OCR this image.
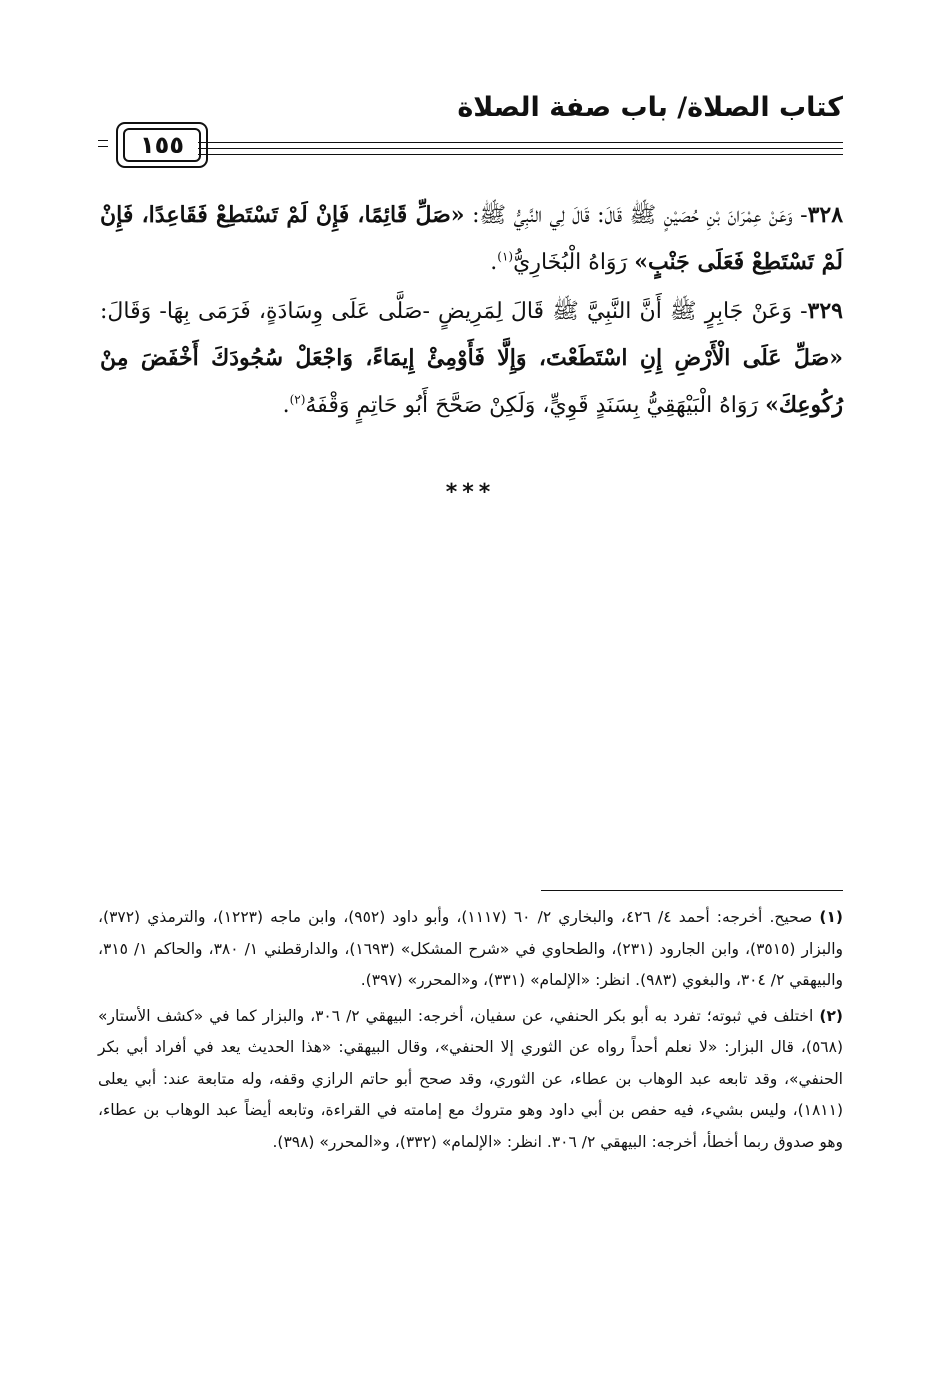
كتاب الصلاة/ باب صفة الصلاة
١٥٥

٣٢٨- وَعَنْ عِمْرَانَ بْنِ حُصَيْنٍ ﷺ قَالَ: قَالَ لِي النَّبِيُّ ﷺ: «صَلِّ قَائِمًا، فَإِنْ لَمْ تَسْتَطِعْ فَقَاعِدًا، فَإِنْ لَمْ تَسْتَطِعْ فَعَلَى جَنْبٍ» رَوَاهُ الْبُخَارِيُّ$^{(١)}$.

٣٢٩- وَعَنْ جَابِرٍ ﷺ أَنَّ النَّبِيَّ ﷺ قَالَ لِمَرِيضٍ -صَلَّى عَلَى وِسَادَةٍ، فَرَمَى بِهَا- وَقَالَ: «صَلِّ عَلَى الْأَرْضِ إِنِ اسْتَطَعْتَ، وَإِلَّا فَأَوْمِئْ إِيمَاءً، وَاجْعَلْ سُجُودَكَ أَخْفَضَ مِنْ رُكُوعِكَ» رَوَاهُ الْبَيْهَقِيُّ بِسَنَدٍ قَوِيٍّ، وَلَكِنْ صَحَّحَ أَبُو حَاتِمٍ وَقْفَهُ$^{(٢)}$.

***

(١) صحيح. أخرجه: أحمد ٤/ ٤٢٦، والبخاري ٢/ ٦٠ (١١١٧)، وأبو داود (٩٥٢)، وابن ماجه (١٢٢٣)، والترمذي (٣٧٢)، والبزار (٣٥١٥)، وابن الجارود (٢٣١)، والطحاوي في «شرح المشكل» (١٦٩٣)، والدارقطني ١/ ٣٨٠، والحاكم ١/ ٣١٥، والبيهقي ٢/ ٣٠٤، والبغوي (٩٨٣). انظر: «الإلمام» (٣٣١)، و«المحرر» (٣٩٧).

(٢) اختلف في ثبوته؛ تفرد به أبو بكر الحنفي، عن سفيان، أخرجه: البيهقي ٢/ ٣٠٦، والبزار كما في «كشف الأستار» (٥٦٨)، قال البزار: «لا نعلم أحداً رواه عن الثوري إلا الحنفي»، وقال البيهقي: «هذا الحديث يعد في أفراد أبي بكر الحنفي»، وقد تابعه عبد الوهاب بن عطاء، عن الثوري، وقد صحح أبو حاتم الرازي وقفه، وله متابعة عند: أبي يعلى (١٨١١)، وليس بشيء، فيه حفص بن أبي داود وهو متروك مع إمامته في القراءة، وتابعه أيضاً عبد الوهاب بن عطاء، وهو صدوق ربما أخطأ، أخرجه: البيهقي ٢/ ٣٠٦. انظر: «الإلمام» (٣٣٢)، و«المحرر» (٣٩٨).
